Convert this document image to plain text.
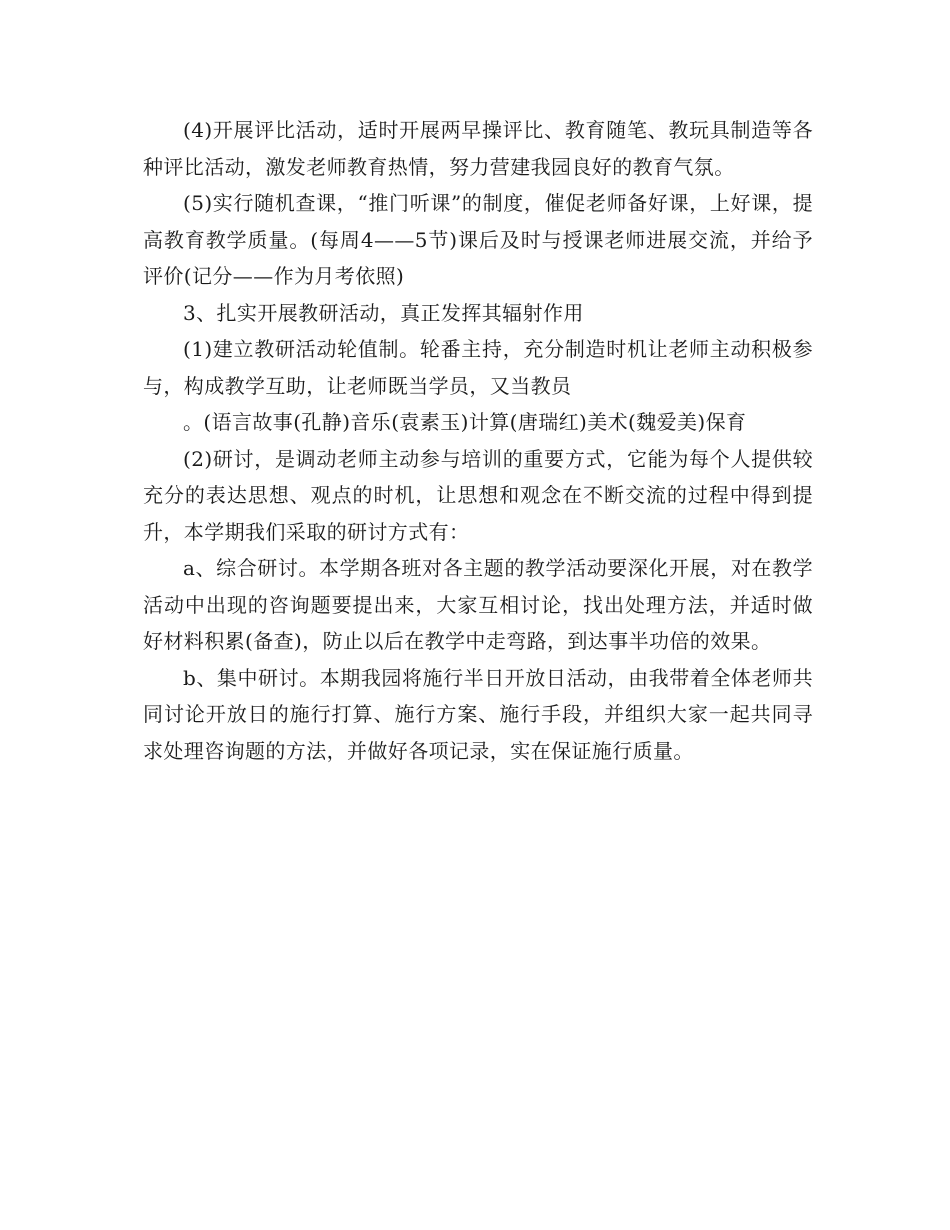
(4)开展评比活动，适时开展两早操评比、教育随笔、教玩具制造等各种评比活动，激发老师教育热情，努力营建我园良好的教育气氛。

(5)实行随机查课，“推门听课”的制度，催促老师备好课，上好课，提高教育教学质量。(每周4——5节)课后及时与授课老师进展交流，并给予评价(记分——作为月考依照)

3、扎实开展教研活动，真正发挥其辐射作用

(1)建立教研活动轮值制。轮番主持，充分制造时机让老师主动积极参与，构成教学互助，让老师既当学员，又当教员

。(语言故事(孔静)音乐(袁素玉)计算(唐瑞红)美术(魏爱美)保育

(2)研讨，是调动老师主动参与培训的重要方式，它能为每个人提供较充分的表达思想、观点的时机，让思想和观念在不断交流的过程中得到提升，本学期我们采取的研讨方式有：

a、综合研讨。本学期各班对各主题的教学活动要深化开展，对在教学活动中出现的咨询题要提出来，大家互相讨论，找出处理方法，并适时做好材料积累(备查)，防止以后在教学中走弯路，到达事半功倍的效果。

b、集中研讨。本期我园将施行半日开放日活动，由我带着全体老师共同讨论开放日的施行打算、施行方案、施行手段，并组织大家一起共同寻求处理咨询题的方法，并做好各项记录，实在保证施行质量。
